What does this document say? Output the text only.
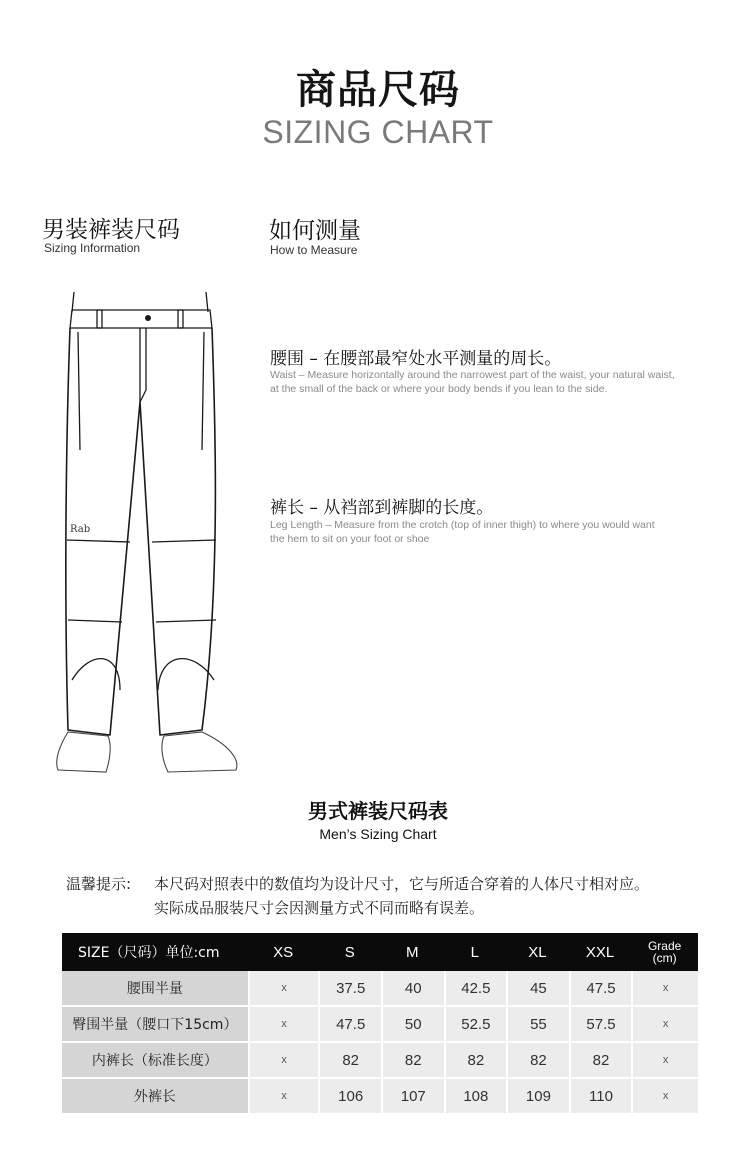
商品尺码
SIZING CHART
男装裤装尺码
Sizing Information
如何测量
How to Measure
Rab
腰围 – 在腰部最窄处水平测量的周长。
Waist – Measure horizontally around the narrowest part of the waist, your natural waist,
at the small of the back or where your body bends if you lean to the side.
裤长 – 从裆部到裤脚的长度。
Leg Length – Measure from the crotch (top of inner thigh) to where you would want
the hem to sit on your foot or shoe
男式裤装尺码表
Men’s Sizing Chart
温馨提示: 本尺码对照表中的数值均为设计尺寸，它与所适合穿着的人体尺寸相对应。
实际成品服装尺寸会因测量方式不同而略有误差。
SIZE（尺码）单位:cm	XS	S	M	L	XL	XXL	Grade
(cm)

腰围半量	x	37.5	40	42.5	45	47.5	x
臀围半量（腰口下15cm）	x	47.5	50	52.5	55	57.5	x
内裤长（标准长度）	x	82	82	82	82	82	x
外裤长	x	106	107	108	109	110	x
